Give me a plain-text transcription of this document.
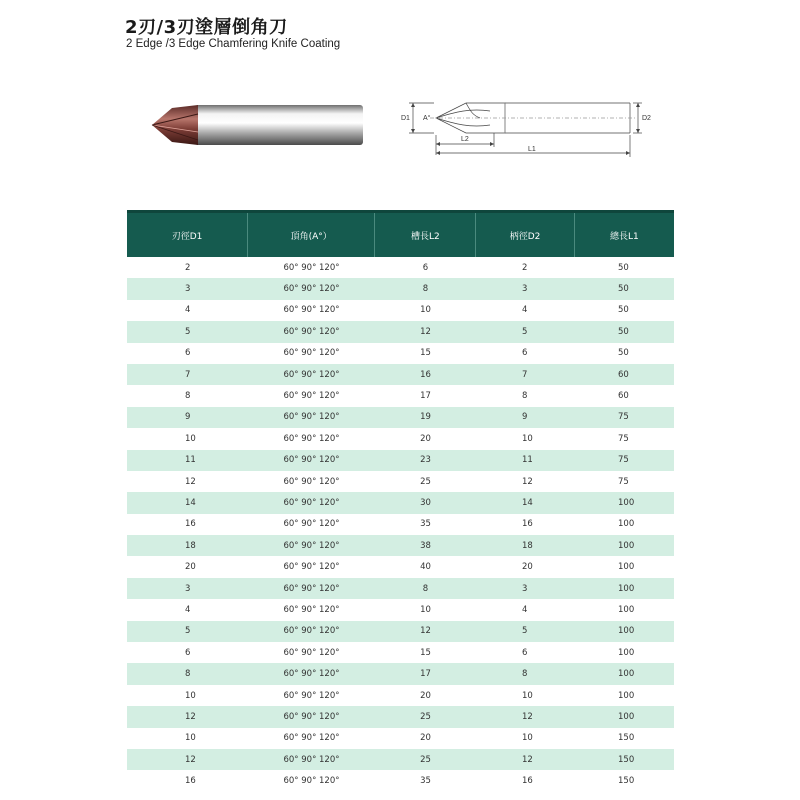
2刃/3刃塗層倒角刀
2 Edge /3 Edge Chamfering Knife Coating
D1 A°	D2
L2
L1
刃徑D1	頂角(A°）	槽長L2	柄徑D2	總長L1
2	60° 90° 120°	6	2	50
3	60° 90° 120°	8	3	50
4	60° 90° 120°	10	4	50
5	60° 90° 120°	12	5	50
6	60° 90° 120°	15	6	50
7	60° 90° 120°	16	7	60
8	60° 90° 120°	17	8	60
9	60° 90° 120°	19	9	75
10	60° 90° 120°	20	10	75
11	60° 90° 120°	23	11	75
12	60° 90° 120°	25	12	75
14	60° 90° 120°	30	14	100
16	60° 90° 120°	35	16	100
18	60° 90° 120°	38	18	100
20	60° 90° 120°	40	20	100
3	60° 90° 120°	8	3	100
4	60° 90° 120°	10	4	100
5	60° 90° 120°	12	5	100
6	60° 90° 120°	15	6	100
8	60° 90° 120°	17	8	100
10	60° 90° 120°	20	10	100
12	60° 90° 120°	25	12	100
10	60° 90° 120°	20	10	150
12	60° 90° 120°	25	12	150
16	60° 90° 120°	35	16	150
